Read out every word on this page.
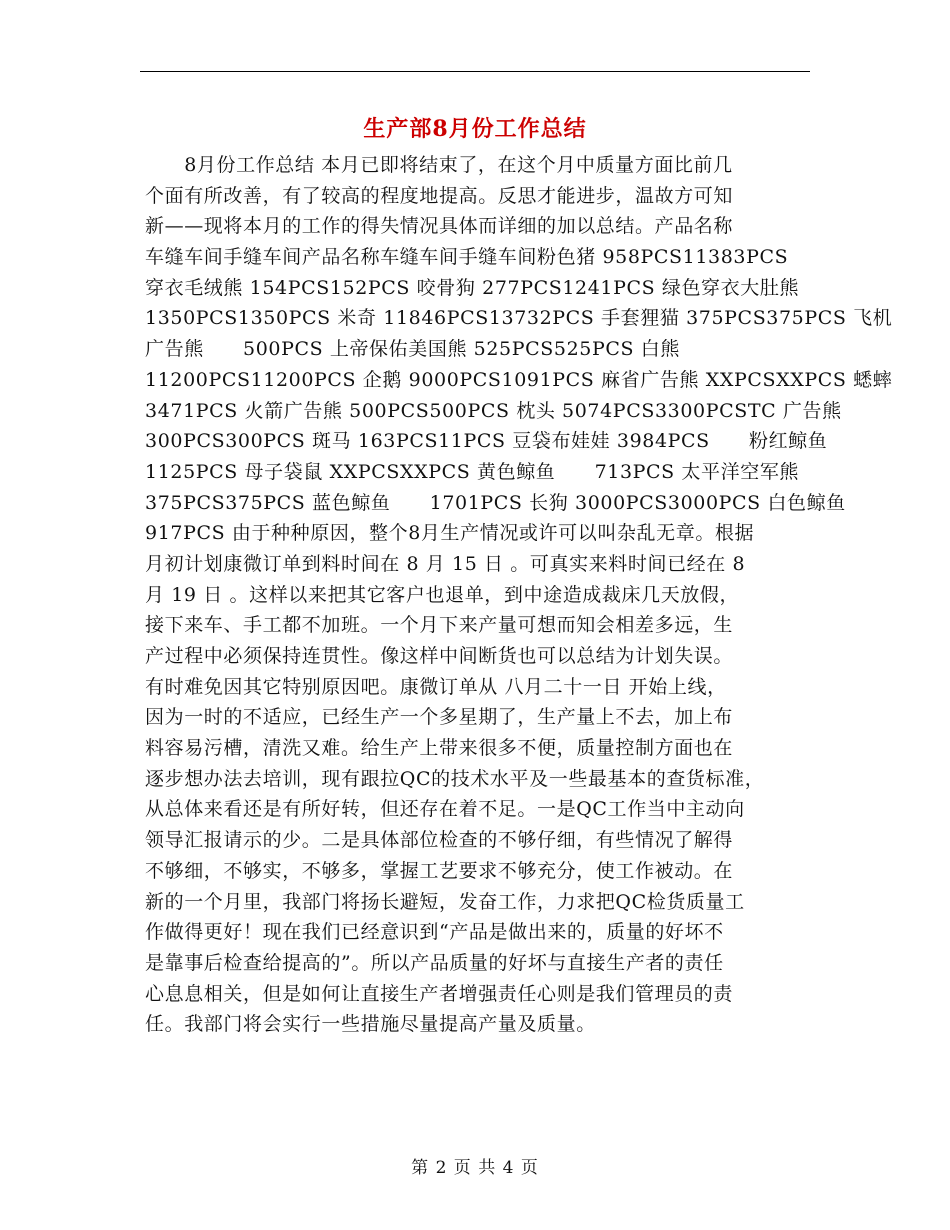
生产部8月份工作总结
　　8月份工作总结 本月已即将结束了，在这个月中质量方面比前几
个面有所改善，有了较高的程度地提高。反思才能进步，温故方可知
新——现将本月的工作的得失情况具体而详细的加以总结。产品名称
车缝车间手缝车间产品名称车缝车间手缝车间粉色猪 958PCS11383PCS
穿衣毛绒熊 154PCS152PCS 咬骨狗 277PCS1241PCS 绿色穿衣大肚熊
1350PCS1350PCS 米奇 11846PCS13732PCS 手套狸猫 375PCS375PCS 飞机
广告熊　　500PCS 上帝保佑美国熊 525PCS525PCS 白熊
11200PCS11200PCS 企鹅 9000PCS1091PCS 麻省广告熊 XXPCSXXPCS 蟋蟀
3471PCS 火箭广告熊 500PCS500PCS 枕头 5074PCS3300PCSTC 广告熊
300PCS300PCS 斑马 163PCS11PCS 豆袋布娃娃 3984PCS　　粉红鲸鱼
1125PCS 母子袋鼠 XXPCSXXPCS 黄色鲸鱼　　713PCS 太平洋空军熊
375PCS375PCS 蓝色鲸鱼　　1701PCS 长狗 3000PCS3000PCS 白色鲸鱼
917PCS 由于种种原因，整个8月生产情况或许可以叫杂乱无章。根据
月初计划康微订单到料时间在 8 月 15 日 。可真实来料时间已经在 8
月 19 日 。这样以来把其它客户也退单，到中途造成裁床几天放假，
接下来车、手工都不加班。一个月下来产量可想而知会相差多远，生
产过程中必须保持连贯性。像这样中间断货也可以总结为计划失误。
有时难免因其它特别原因吧。康微订单从 八月二十一日 开始上线，
因为一时的不适应，已经生产一个多星期了，生产量上不去，加上布
料容易污槽，清洗又难。给生产上带来很多不便，质量控制方面也在
逐步想办法去培训，现有跟拉QC的技术水平及一些最基本的查货标准，
从总体来看还是有所好转，但还存在着不足。一是QC工作当中主动向
领导汇报请示的少。二是具体部位检查的不够仔细，有些情况了解得
不够细，不够实，不够多，掌握工艺要求不够充分，使工作被动。在
新的一个月里，我部门将扬长避短，发奋工作，力求把QC检货质量工
作做得更好！现在我们已经意识到“产品是做出来的，质量的好坏不
是靠事后检查给提高的”。所以产品质量的好坏与直接生产者的责任
心息息相关，但是如何让直接生产者增强责任心则是我们管理员的责
任。我部门将会实行一些措施尽量提高产量及质量。
第 2 页 共 4 页
